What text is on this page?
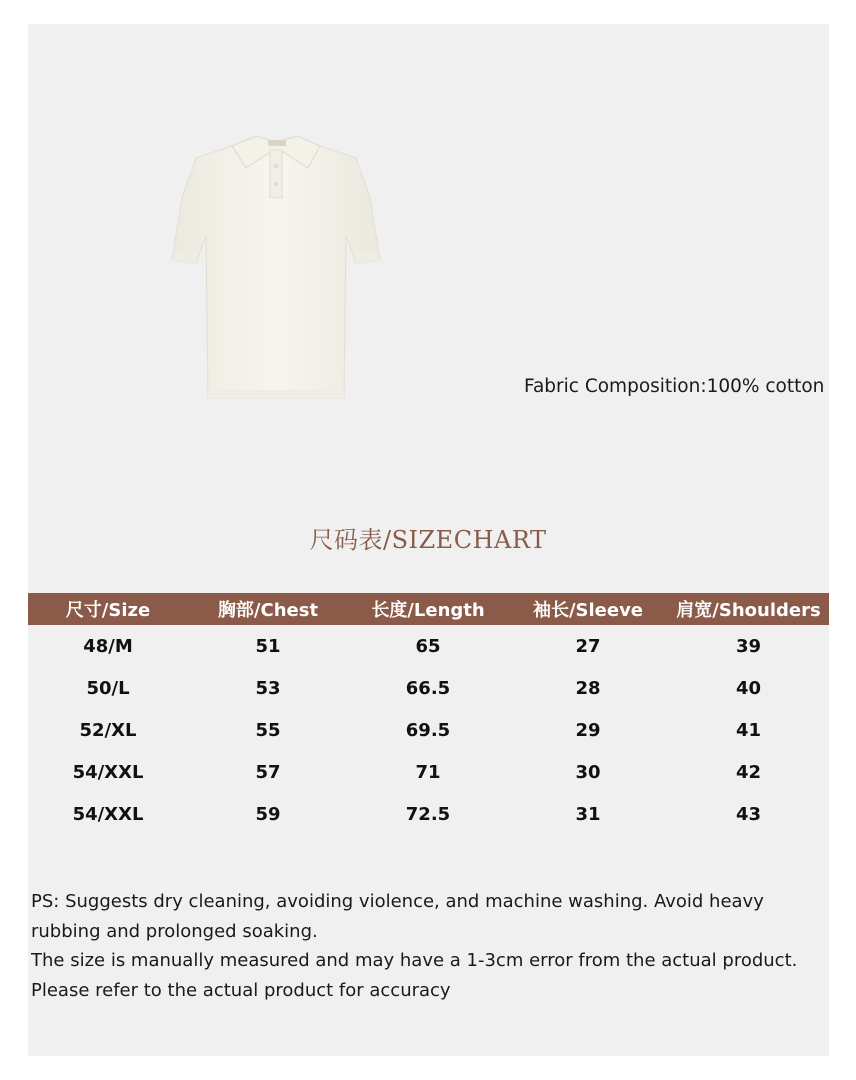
Fabric Composition:100% cotton
尺码表/SIZECHART
尺寸/Size	胸部/Chest	长度/Length	袖长/Sleeve	肩宽/Shoulders
48/M	51	65	27	39
50/L	53	66.5	28	40
52/XL	55	69.5	29	41
54/XXL	57	71	30	42
54/XXL	59	72.5	31	43

PS: Suggests dry cleaning, avoiding violence, and machine washing. Avoid heavy rubbing and prolonged soaking.

The size is manually measured and may have a 1-3cm error from the actual product.

Please refer to the actual product for accuracy
